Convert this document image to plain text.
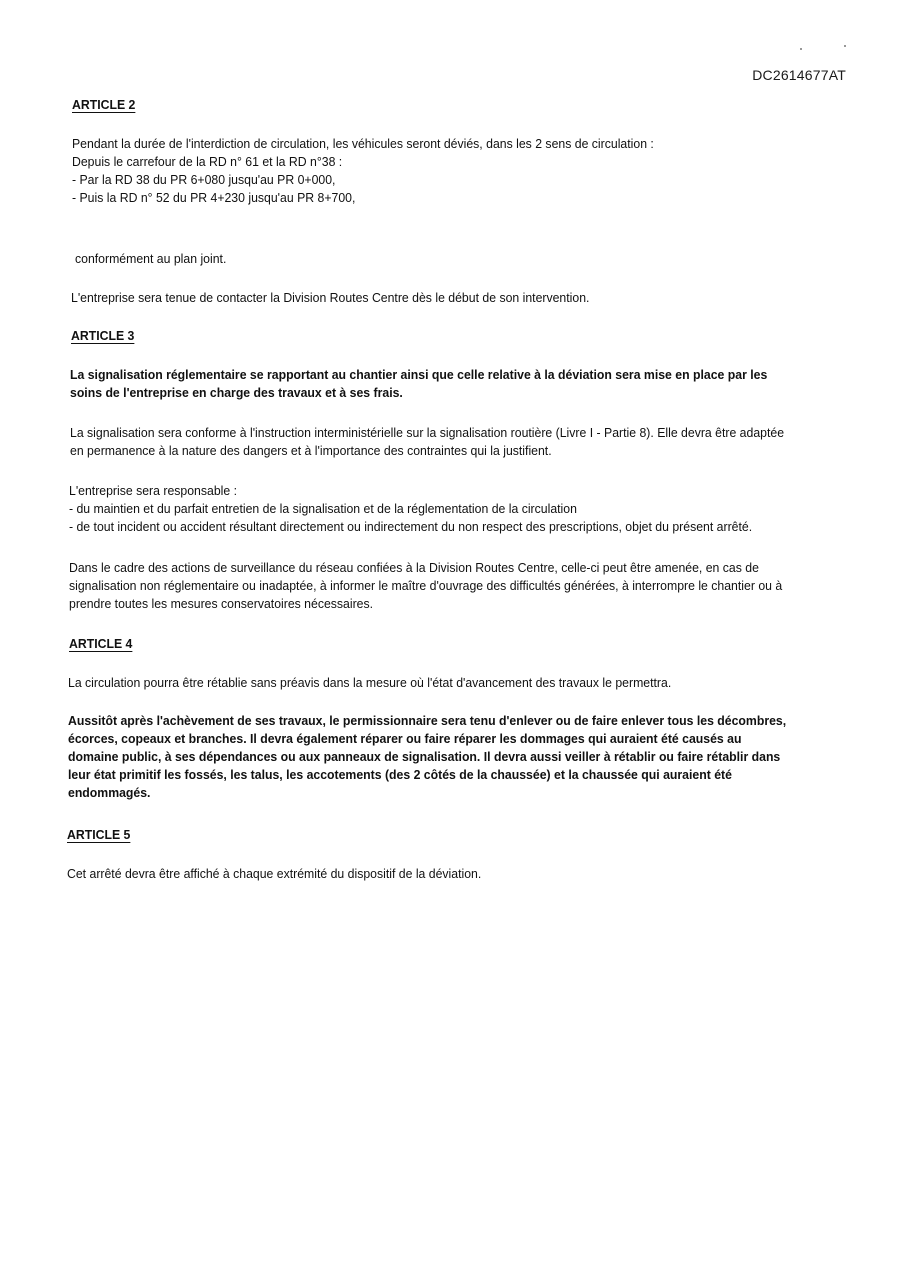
DC2614677AT
ARTICLE 2
Pendant la durée de l'interdiction de circulation, les véhicules seront déviés, dans les 2 sens de circulation :
Depuis le carrefour de la RD n° 61 et la RD n°38 :
- Par la RD 38 du PR 6+080 jusqu'au PR 0+000,
- Puis la RD n° 52 du PR 4+230 jusqu'au PR 8+700,
conformément au plan joint.
L'entreprise sera tenue de contacter la Division Routes Centre dès le début de son intervention.
ARTICLE 3
La signalisation réglementaire se rapportant au chantier ainsi que celle relative à la déviation sera mise en place par les
soins de l'entreprise en charge des travaux et à ses frais.
La signalisation sera conforme à l'instruction interministérielle sur la signalisation routière (Livre I - Partie 8). Elle devra être adaptée
en permanence à la nature des dangers et à l'importance des contraintes qui la justifient.
L'entreprise sera responsable :
- du maintien et du parfait entretien de la signalisation et de la réglementation de la circulation
- de tout incident ou accident résultant directement ou indirectement du non respect des prescriptions, objet du présent arrêté.
Dans le cadre des actions de surveillance du réseau confiées à la Division Routes Centre, celle-ci peut être amenée, en cas de
signalisation non réglementaire ou inadaptée, à informer le maître d'ouvrage des difficultés générées, à interrompre le chantier ou à
prendre toutes les mesures conservatoires nécessaires.
ARTICLE 4
La circulation pourra être rétablie sans préavis dans la mesure où l'état d'avancement des travaux le permettra.
Aussitôt après l'achèvement de ses travaux, le permissionnaire sera tenu d'enlever ou de faire enlever tous les décombres,
écorces, copeaux et branches. Il devra également réparer ou faire réparer les dommages qui auraient été causés au
domaine public, à ses dépendances ou aux panneaux de signalisation. Il devra aussi veiller à rétablir ou faire rétablir dans
leur état primitif les fossés, les talus, les accotements (des 2 côtés de la chaussée) et la chaussée qui auraient été
endommagés.
ARTICLE 5
Cet arrêté devra être affiché à chaque extrémité du dispositif de la déviation.
